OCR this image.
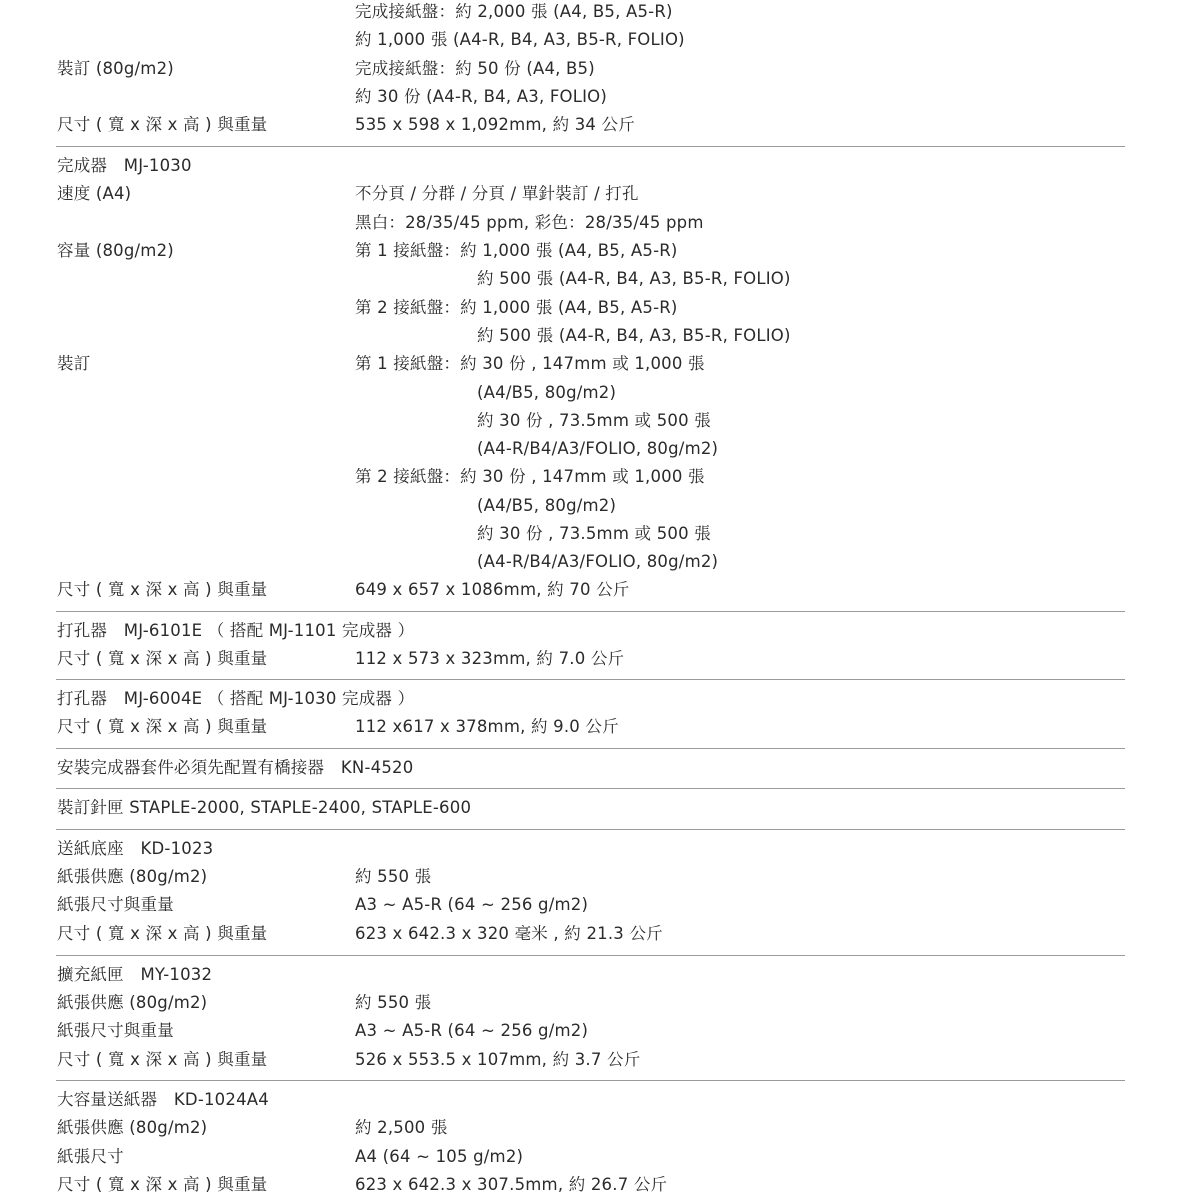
完成接紙盤：約 2,000 張 (A4, B5, A5-R)
約 1,000 張 (A4-R, B4, A3, B5-R, FOLIO)
裝訂 (80g/m2)	完成接紙盤：約 50 份 (A4, B5)
約 30 份 (A4-R, B4, A3, FOLIO)
尺寸 ( 寬 x 深 x 高 ) 與重量	535 x 598 x 1,092mm, 約 34 公斤
完成器　MJ-1030
速度 (A4)	不分頁 / 分群 / 分頁 / 單針裝訂 / 打孔
黑白：28/35/45 ppm, 彩色：28/35/45 ppm
容量 (80g/m2)	第 1 接紙盤：約 1,000 張 (A4, B5, A5-R)
約 500 張 (A4-R, B4, A3, B5-R, FOLIO)
第 2 接紙盤：約 1,000 張 (A4, B5, A5-R)
約 500 張 (A4-R, B4, A3, B5-R, FOLIO)
裝訂	第 1 接紙盤：約 30 份 , 147mm 或 1,000 張
(A4/B5, 80g/m2)
約 30 份 , 73.5mm 或 500 張
(A4-R/B4/A3/FOLIO, 80g/m2)
第 2 接紙盤：約 30 份 , 147mm 或 1,000 張
(A4/B5, 80g/m2)
約 30 份 , 73.5mm 或 500 張
(A4-R/B4/A3/FOLIO, 80g/m2)
尺寸 ( 寬 x 深 x 高 ) 與重量	649 x 657 x 1086mm, 約 70 公斤
打孔器　MJ-6101E （ 搭配 MJ-1101 完成器 ）
尺寸 ( 寬 x 深 x 高 ) 與重量	112 x 573 x 323mm, 約 7.0 公斤
打孔器　MJ-6004E （ 搭配 MJ-1030 完成器 ）
尺寸 ( 寬 x 深 x 高 ) 與重量	112 x617 x 378mm, 約 9.0 公斤
安裝完成器套件必須先配置有橋接器　KN-4520
裝訂針匣 STAPLE-2000, STAPLE-2400, STAPLE-600
送紙底座　KD-1023
紙張供應 (80g/m2)	約 550 張
紙張尺寸與重量	A3 ~ A5-R (64 ~ 256 g/m2)
尺寸 ( 寬 x 深 x 高 ) 與重量	623 x 642.3 x 320 毫米 , 約 21.3 公斤
擴充紙匣　MY-1032
紙張供應 (80g/m2)	約 550 張
紙張尺寸與重量	A3 ~ A5-R (64 ~ 256 g/m2)
尺寸 ( 寬 x 深 x 高 ) 與重量	526 x 553.5 x 107mm, 約 3.7 公斤
大容量送紙器　KD-1024A4
紙張供應 (80g/m2)	約 2,500 張
紙張尺寸	A4 (64 ~ 105 g/m2)
尺寸 ( 寬 x 深 x 高 ) 與重量	623 x 642.3 x 307.5mm, 約 26.7 公斤
